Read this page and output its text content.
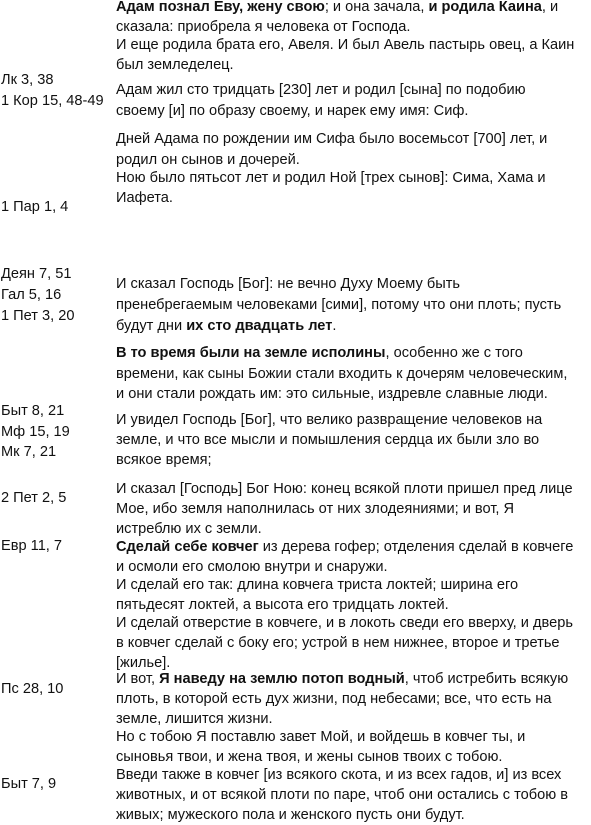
Лк 3, 38
1 Кор 15, 48-49
1 Пар 1, 4
Деян 7, 51
Гал 5, 16
1 Пет 3, 20
Быт 8, 21
Мф 15, 19
Мк 7, 21
2 Пет 2, 5
Евр 11, 7
Пс 28, 10
Быт 7, 9
Адам познал Еву, жену свою; и она зачала, и родила Каина, и
сказала: приобрела я человека от Господа.
И еще родила брата его, Авеля. И был Авель пастырь овец, а Каин
был земледелец.
Адам жил сто тридцать [230] лет и родил [сына] по подобию
своему [и] по образу своему, и нарек ему имя: Сиф.
Дней Адама по рождении им Сифа было восемьсот [700] лет, и
родил он сынов и дочерей.
Ною было пятьсот лет и родил Ной [трех сынов]: Сима, Хама и
Иафета.
И сказал Господь [Бог]: не вечно Духу Моему быть
пренебрегаемым человеками [сими], потому что они плоть; пусть
будут дни их сто двадцать лет.
В то время были на земле исполины, особенно же с того
времени, как сыны Божии стали входить к дочерям человеческим,
и они стали рождать им: это сильные, издревле славные люди.
И увидел Господь [Бог], что велико развращение человеков на
земле, и что все мысли и помышления сердца их были зло во
всякое время;
И сказал [Господь] Бог Ною: конец всякой плоти пришел пред лице
Мое, ибо земля наполнилась от них злодеяниями; и вот, Я
истреблю их с земли.
Сделай себе ковчег из дерева гофер; отделения сделай в ковчеге
и осмоли его смолою внутри и снаружи.
И сделай его так: длина ковчега триста локтей; ширина его
пятьдесят локтей, а высота его тридцать локтей.
И сделай отверстие в ковчеге, и в локоть сведи его вверху, и дверь
в ковчег сделай с боку его; устрой в нем нижнее, второе и третье
[жилье].
И вот, Я наведу на землю потоп водный, чтоб истребить всякую
плоть, в которой есть дух жизни, под небесами; все, что есть на
земле, лишится жизни.
Но с тобою Я поставлю завет Мой, и войдешь в ковчег ты, и
сыновья твои, и жена твоя, и жены сынов твоих с тобою.
Введи также в ковчег [из всякого скота, и из всех гадов, и] из всех
животных, и от всякой плоти по паре, чтоб они остались с тобою в
живых; мужеского пола и женского пусть они будут.
